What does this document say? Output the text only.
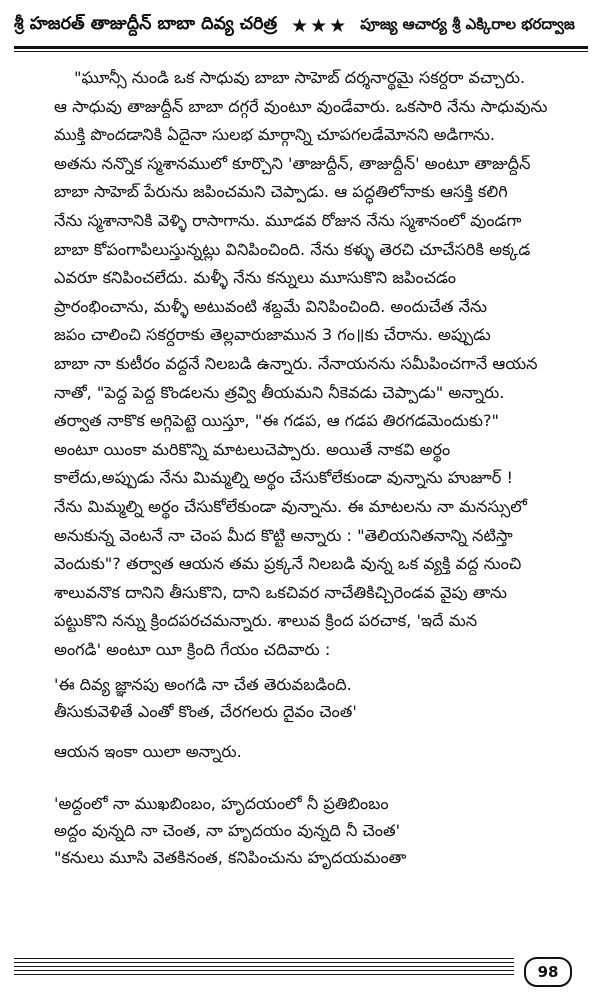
శ్రీ హజరత్ తాజుద్దీన్ బాబా దివ్య చరిత్ర ★★★ పూజ్య ఆచార్య శ్రీ ఎక్కిరాల భరద్వాజ
"ఘూన్సీ నుండి ఒక సాధువు బాబా సాహెబ్ దర్శనార్థమై సకర్దరా వచ్చారు.
ఆ సాధువు తాజుద్దీన్ బాబా దగ్గరే వుంటూ వుండేవారు. ఒకసారి నేను సాధువును
ముక్తి పొందడానికి ఏదైనా సులభ మార్గాన్ని చూపగలడేమోనని అడిగాను.
అతను నన్నొక స్మశానములో కూర్చొని 'తాజుద్దీన్, తాజుద్దీన్' అంటూ తాజుద్దీన్
బాబా సాహెబ్ పేరును జపించమని చెప్పాడు. ఆ పద్ధతిలోనాకు ఆసక్తి కలిగి
నేను స్మశానానికి వెళ్ళి రాసాగాను. మూడవ రోజున నేను స్మశానంలో వుండగా
బాబా కోపంగాపిలుస్తున్నట్లు వినిపించింది. నేను కళ్ళు తెరచి చూచేసరికి అక్కడ
ఎవరూ కనిపించలేదు. మళ్ళీ నేను కన్నులు మూసుకొని జపించడం
ప్రారంభించాను, మళ్ళీ అటువంటి శబ్దమే వినిపించింది. అందుచేత నేను
జపం చాలించి సకర్దరాకు తెల్లవారుజామున 3 గం॥కు చేరాను. అప్పుడు
బాబా నా కుటీరం వద్దనే నిలబడి ఉన్నారు. నేనాయనను సమీపించగానే ఆయన
నాతో, "పెద్ద పెద్ద కొండలను త్రవ్వి తీయమని నీకెవడు చెప్పాడు" అన్నారు.
తర్వాత నాకొక అగ్గిపెట్టె యిస్తూ, "ఈ గడప, ఆ గడప తిరగడమెందుకు?"
అంటూ యింకా మరికొన్ని మాటలుచెప్పారు. అయితే నాకవి అర్థం
కాలేదు,అప్పుడు నేను మిమ్మల్ని అర్థం చేసుకోలేకుండా వున్నాను హుజూర్ !
నేను మిమ్మల్ని అర్థం చేసుకోలేకుండా వున్నాను. ఈ మాటలను నా మనస్సులో
అనుకున్న వెంటనే నా చెంప మీద కొట్టి అన్నారు : "తెలియనితనాన్ని నటిస్తా
వెందుకు"? తర్వాత ఆయన తమ ప్రక్కనే నిలబడి వున్న ఒక వ్యక్తి వద్ద నుంచి
శాలువనొక దానిని తీసుకొని, దాని ఒకచివర నాచేతికిచ్చిరెండవ వైపు తాను
పట్టుకొని నన్ను క్రిందపరచమన్నారు. శాలువ క్రింద పరచాక, 'ఇదే మన
అంగడి' అంటూ యీ క్రింది గేయం చదివారు :
'ఈ దివ్య జ్ఞానపు అంగడి నా చేత తెరువబడింది.
తీసుకువెళితే ఎంతో కొంత, చేరగలరు దైవం చెంత'
ఆయన ఇంకా యిలా అన్నారు.
'అద్దంలో నా ముఖబింబం, హృదయంలో నీ ప్రతిబింబం
అద్దం వున్నది నా చెంత, నా హృదయం వున్నది నీ చెంత'
"కనులు మూసి వెతకినంత, కనిపించును హృదయమంతా
98
